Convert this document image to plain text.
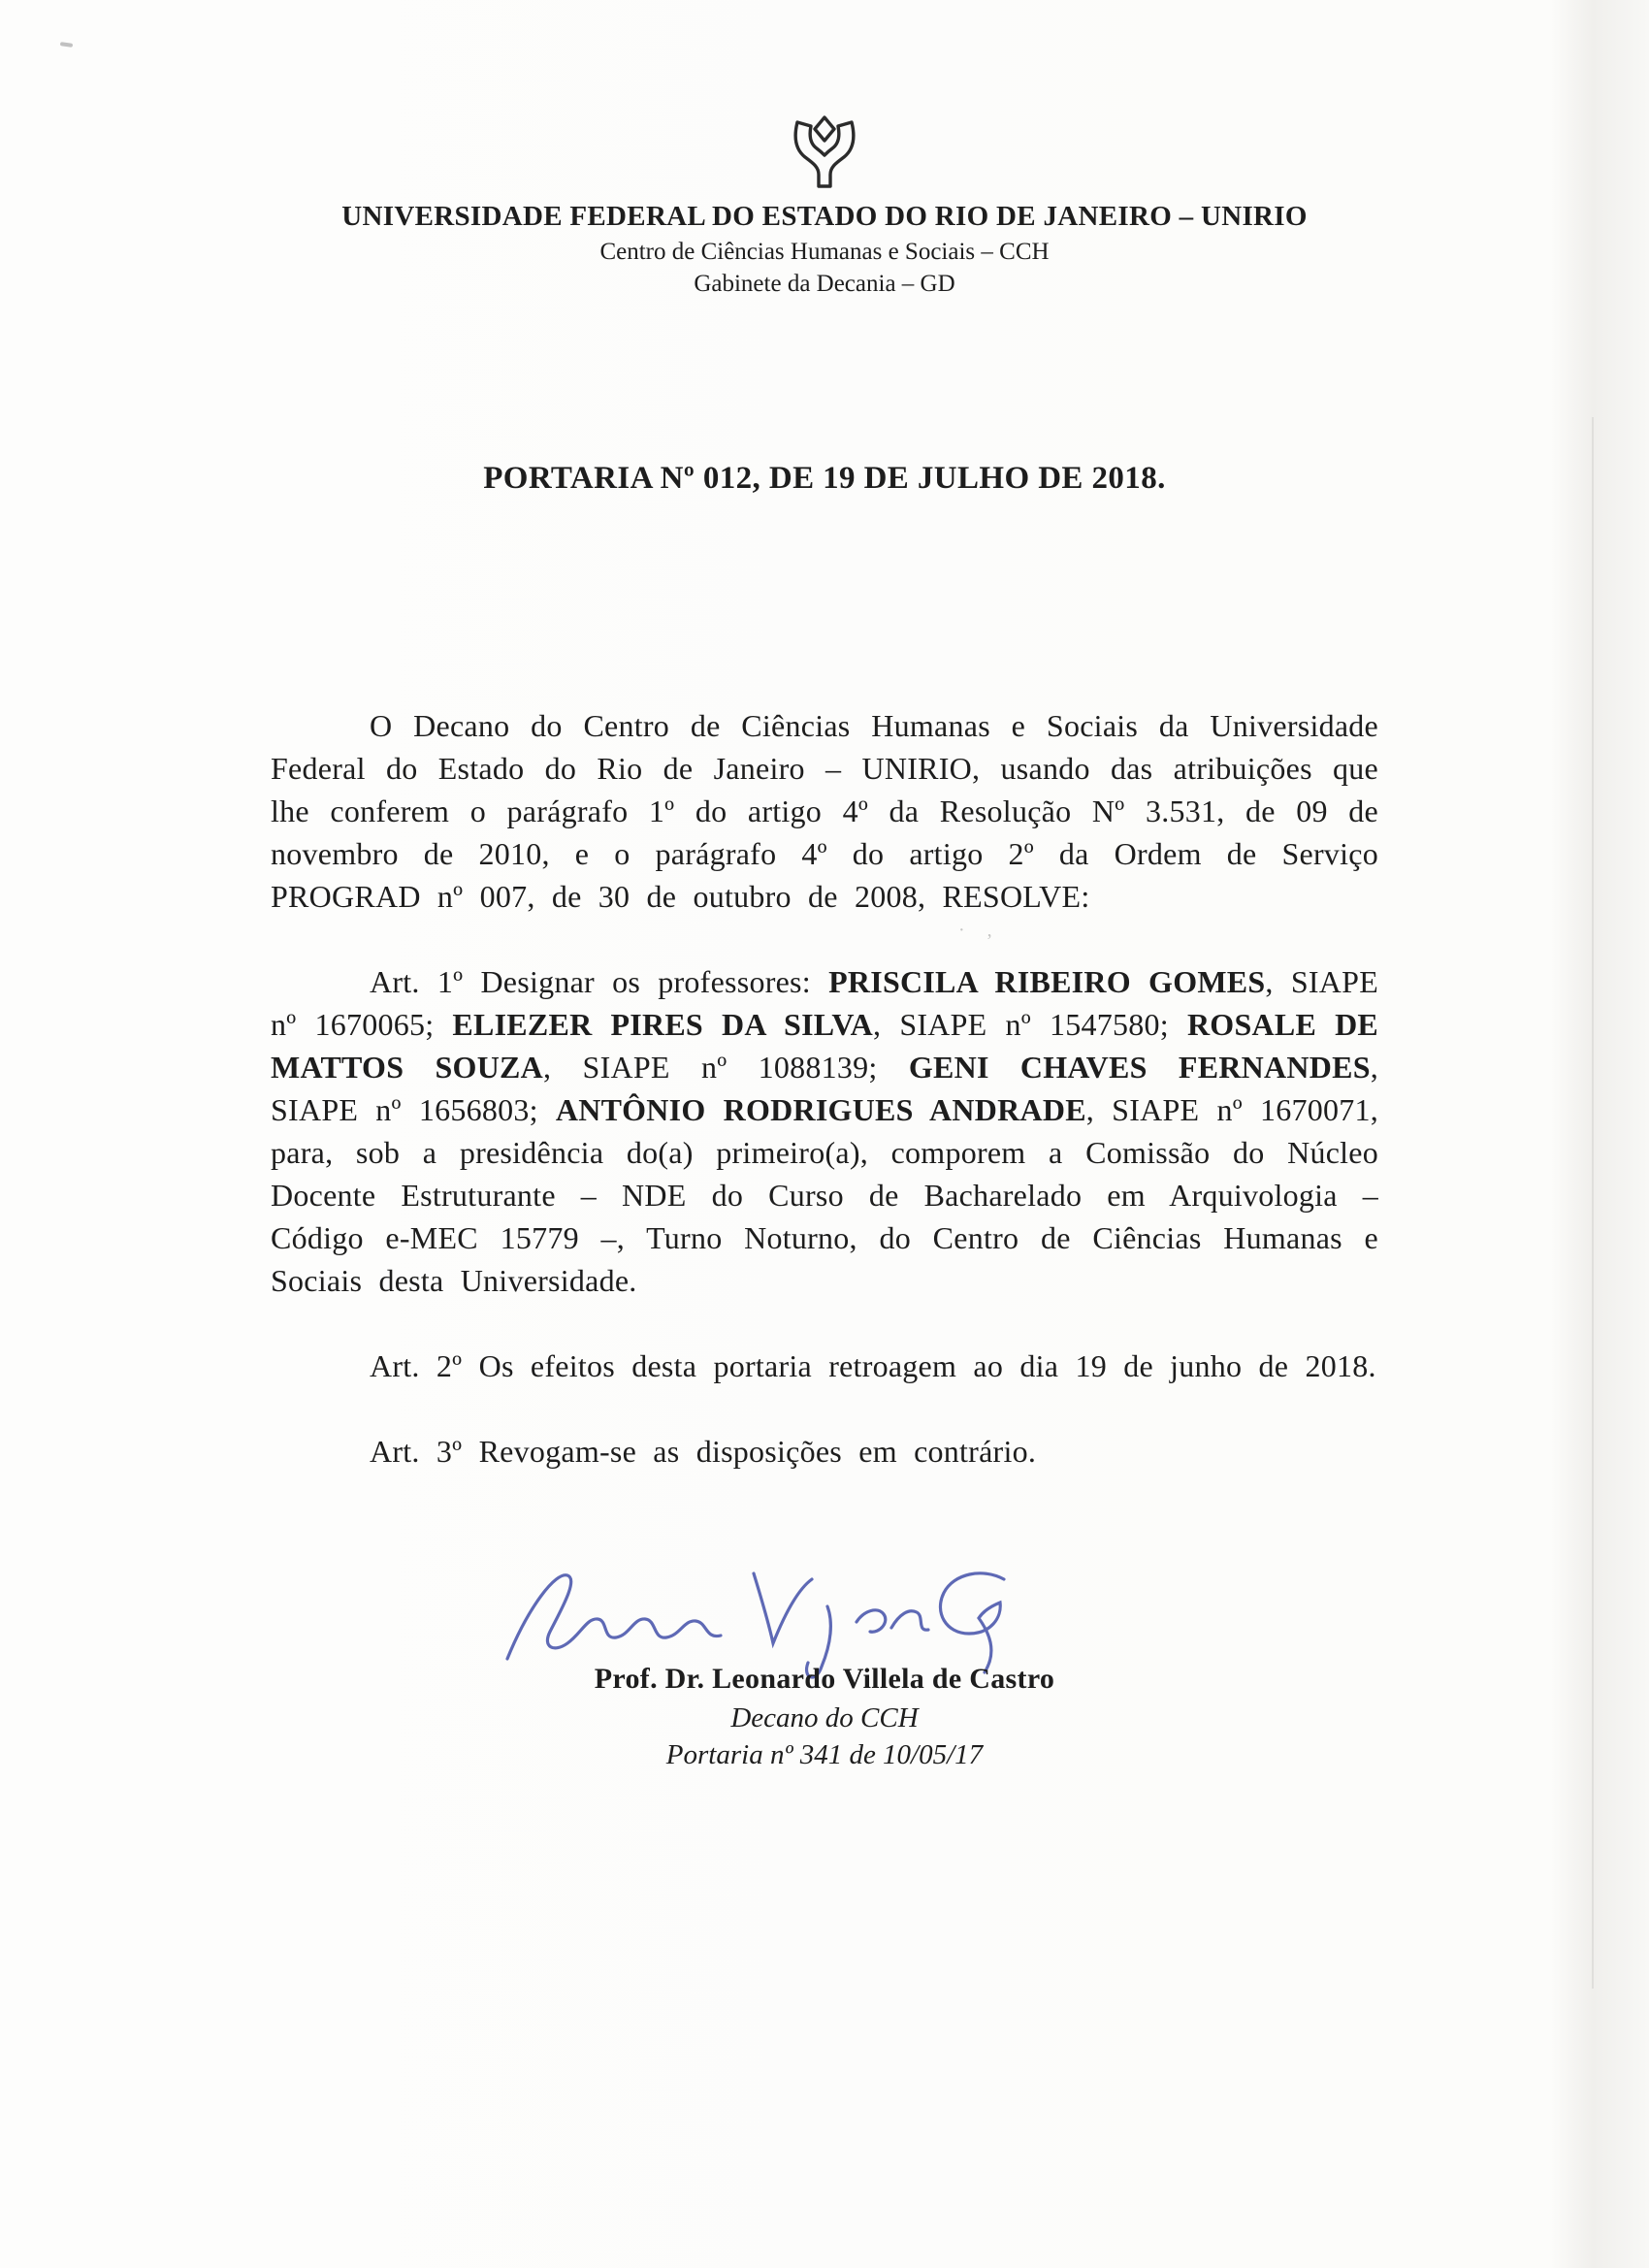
· ,
UNIVERSIDADE FEDERAL DO ESTADO DO RIO DE JANEIRO – UNIRIO
Centro de Ciências Humanas e Sociais – CCH
Gabinete da Decania – GD
PORTARIA Nº 012, DE 19 DE JULHO DE 2018.

O Decano do Centro de Ciências Humanas e Sociais da Universidade Federal do Estado do Rio de Janeiro – UNIRIO, usando das atribuições que lhe conferem o parágrafo 1º do artigo 4º da Resolução Nº 3.531, de 09 de novembro de 2010, e o parágrafo 4º do artigo 2º da Ordem de Serviço PROGRAD nº 007, de 30 de outubro de 2008, RESOLVE:

Art. 1º Designar os professores: PRISCILA RIBEIRO GOMES, SIAPE nº 1670065; ELIEZER PIRES DA SILVA, SIAPE nº 1547580; ROSALE DE MATTOS SOUZA, SIAPE nº 1088139; GENI CHAVES FERNANDES, SIAPE nº 1656803; ANTÔNIO RODRIGUES ANDRADE, SIAPE nº 1670071, para, sob a presidência do(a) primeiro(a), comporem a Comissão do Núcleo Docente Estruturante – NDE do Curso de Bacharelado em Arquivologia – Código e-MEC 15779 –, Turno Noturno, do Centro de Ciências Humanas e Sociais desta Universidade.

Art. 2º Os efeitos desta portaria retroagem ao dia 19 de junho de 2018.

Art. 3º Revogam-se as disposições em contrário.

Prof. Dr. Leonardo Villela de Castro
Decano do CCH
Portaria nº 341 de 10/05/17
